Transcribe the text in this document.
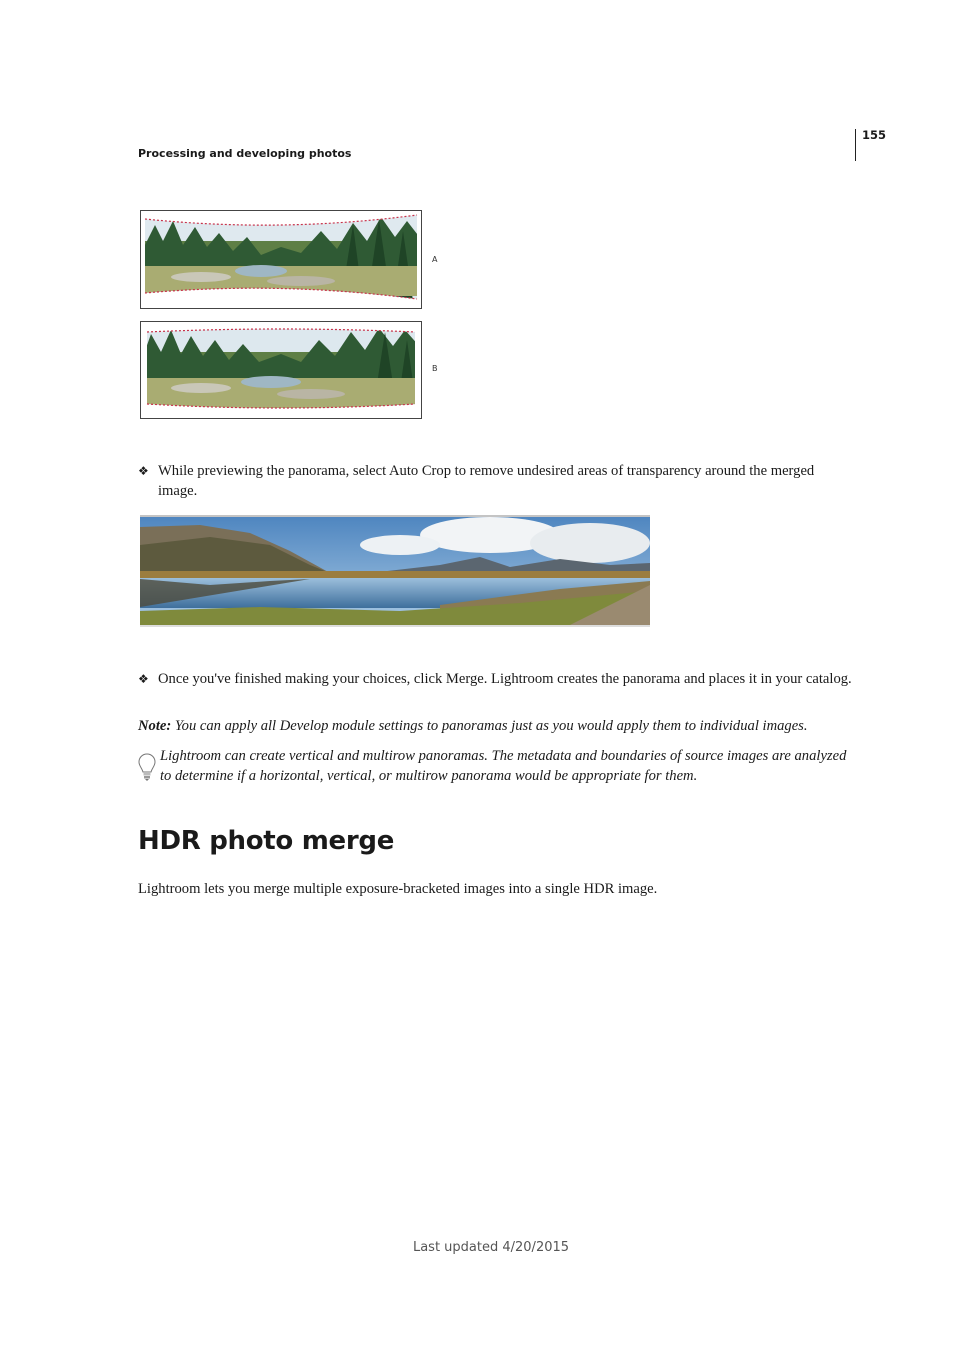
155
Processing and developing photos
A
B
❖ While previewing the panorama, select Auto Crop to remove undesired areas of transparency around the merged image.
❖ Once you've finished making your choices, click Merge. Lightroom creates the panorama and places it in your catalog.
Note: You can apply all Develop module settings to panoramas just as you would apply them to individual images.
Lightroom can create vertical and multirow panoramas. The metadata and boundaries of source images are analyzed to determine if a horizontal, vertical, or multirow panorama would be appropriate for them.
HDR photo merge
Lightroom lets you merge multiple exposure-bracketed images into a single HDR image.
Last updated 4/20/2015
